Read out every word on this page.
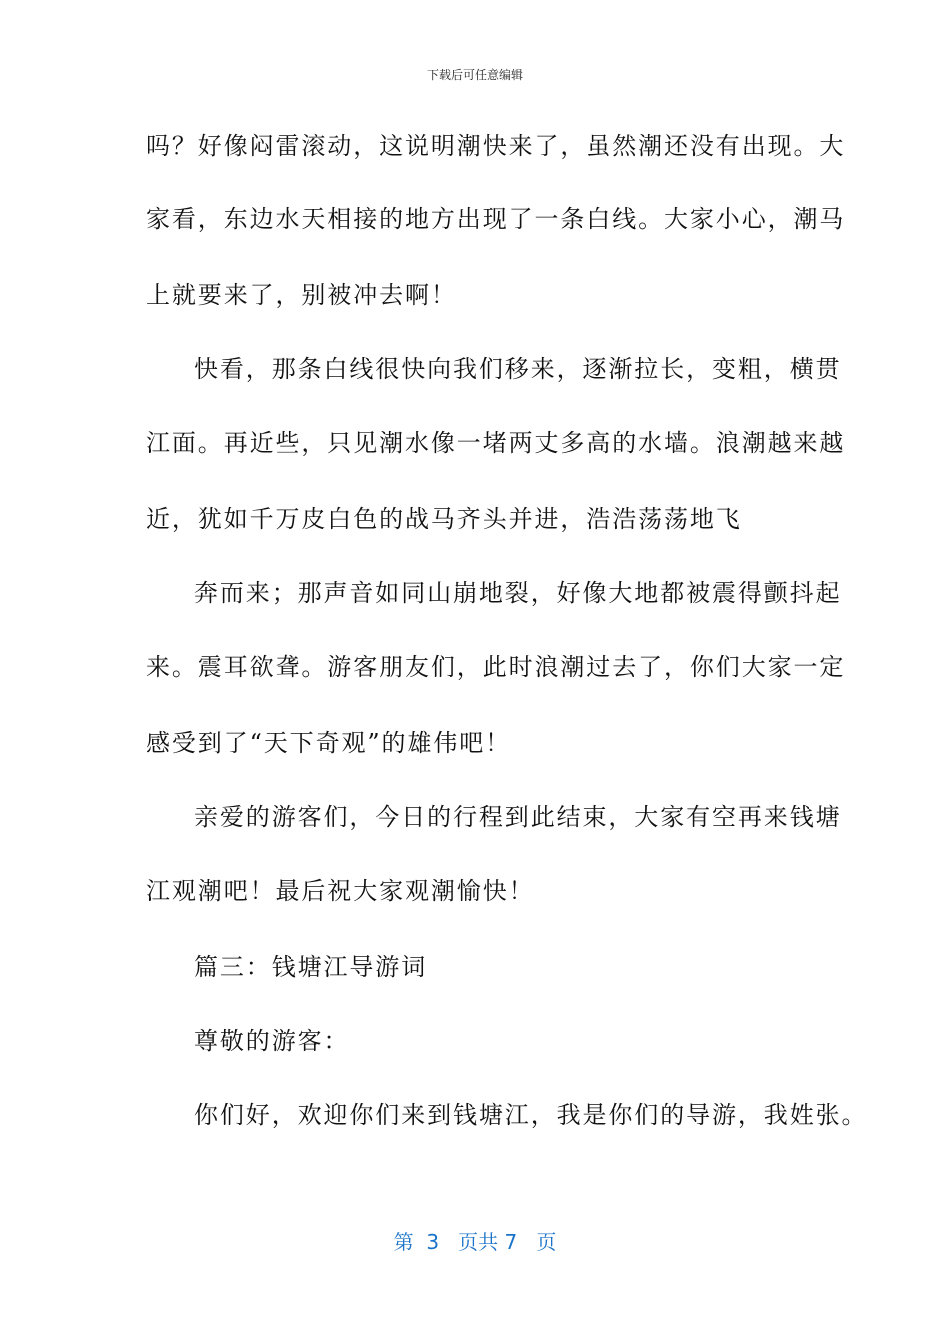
下载后可任意编辑
吗？好像闷雷滚动，这说明潮快来了，虽然潮还没有出现。大
家看，东边水天相接的地方出现了一条白线。大家小心，潮马
上就要来了，别被冲去啊！
快看，那条白线很快向我们移来，逐渐拉长，变粗，横贯
江面。再近些，只见潮水像一堵两丈多高的水墙。浪潮越来越
近，犹如千万皮白色的战马齐头并进，浩浩荡荡地飞
奔而来；那声音如同山崩地裂，好像大地都被震得颤抖起
来。震耳欲聋。游客朋友们，此时浪潮过去了，你们大家一定
感受到了“天下奇观”的雄伟吧！
亲爱的游客们，今日的行程到此结束，大家有空再来钱塘
江观潮吧！最后祝大家观潮愉快！
篇三：钱塘江导游词
尊敬的游客：
你们好，欢迎你们来到钱塘江，我是你们的导游，我姓张。
第 3 页共 7 页
